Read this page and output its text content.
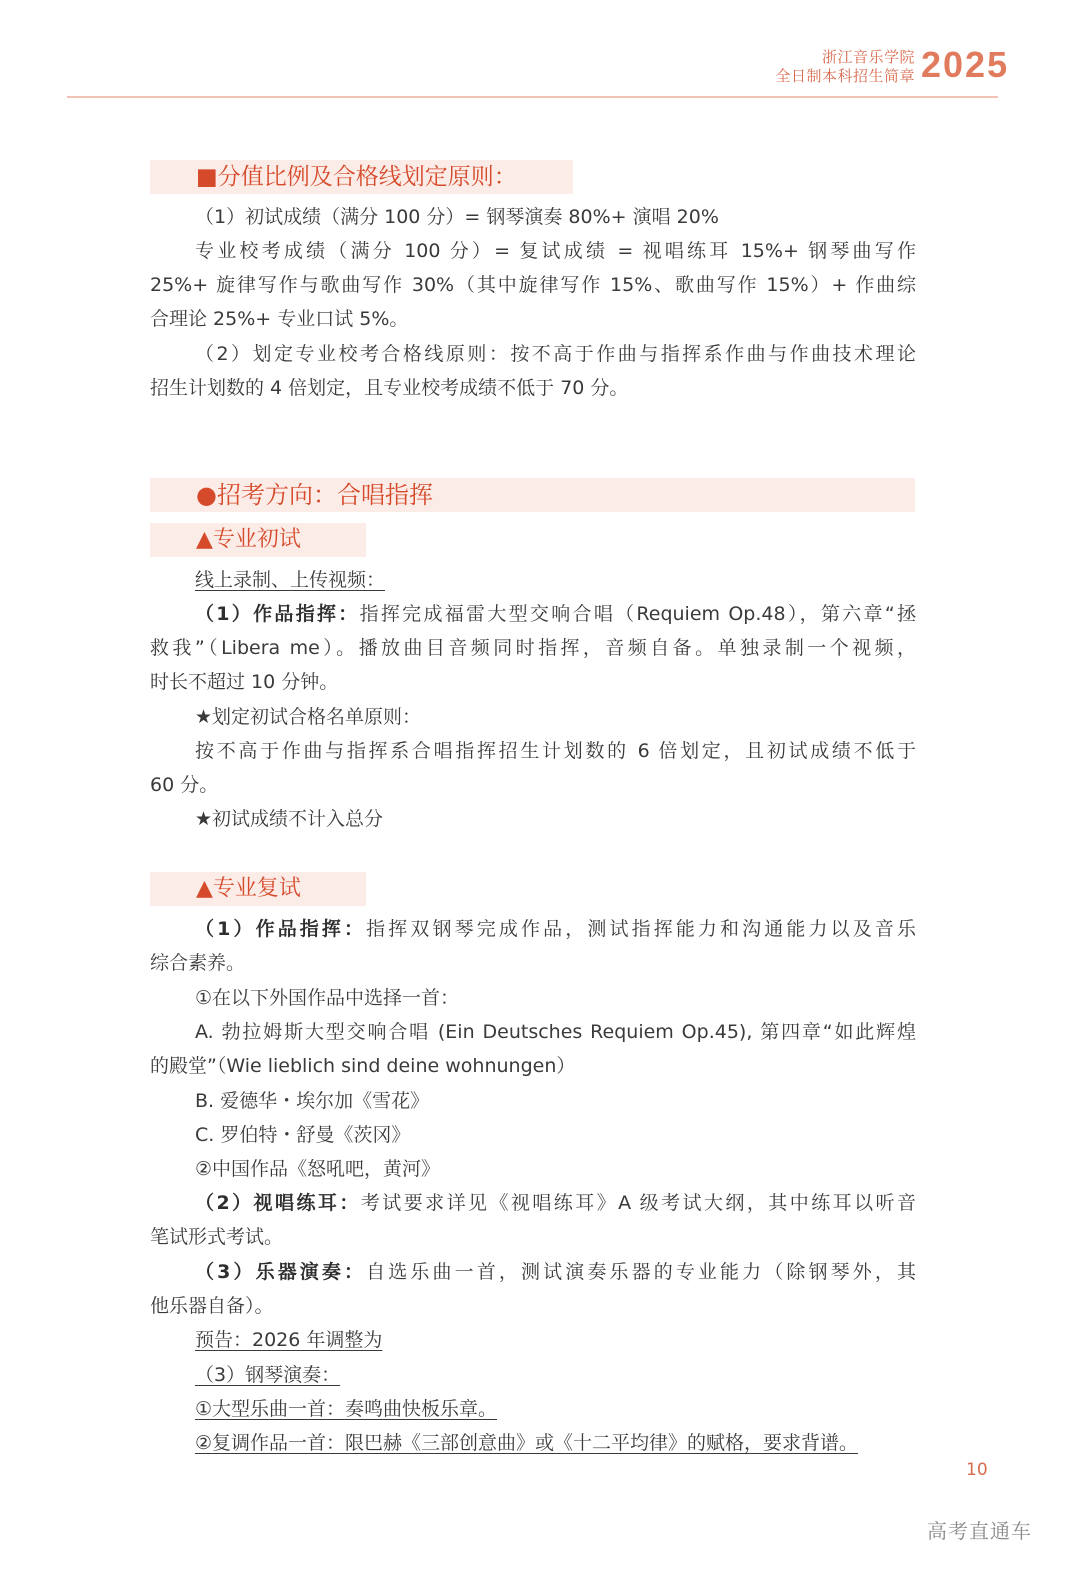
浙江音乐学院
全日制本科招生简章 2025
■分值比例及合格线划定原则：
（1）初试成绩（满分 100 分）= 钢琴演奏 80%+ 演唱 20%
专业校考成绩（满分 100 分）= 复试成绩 = 视唱练耳 15%+ 钢琴曲写作
25%+ 旋律写作与歌曲写作 30%（其中旋律写作 15%、歌曲写作 15%）+ 作曲综
合理论 25%+ 专业口试 5%。
（2）划定专业校考合格线原则：按不高于作曲与指挥系作曲与作曲技术理论
招生计划数的 4 倍划定，且专业校考成绩不低于 70 分。
●招考方向：合唱指挥
▲专业初试
线上录制、上传视频：
（1）作品指挥：指挥完成福雷大型交响合唱（Requiem Op.48），第六章“拯
救我”（Libera me）。播放曲目音频同时指挥，音频自备。单独录制一个视频，
时长不超过 10 分钟。
★划定初试合格名单原则：
按不高于作曲与指挥系合唱指挥招生计划数的 6 倍划定，且初试成绩不低于
60 分。
★初试成绩不计入总分
▲专业复试
（1）作品指挥：指挥双钢琴完成作品，测试指挥能力和沟通能力以及音乐
综合素养。
①在以下外国作品中选择一首：
A. 勃拉姆斯大型交响合唱 (Ein Deutsches Requiem Op.45), 第四章“如此辉煌
的殿堂”（Wie lieblich sind deine wohnungen）
B. 爱德华・埃尔加《雪花》
C. 罗伯特・舒曼《茨冈》
②中国作品《怒吼吧，黄河》
（2）视唱练耳：考试要求详见《视唱练耳》A 级考试大纲，其中练耳以听音
笔试形式考试。
（3）乐器演奏：自选乐曲一首，测试演奏乐器的专业能力（除钢琴外，其
他乐器自备）。
预告：2026 年调整为
（3）钢琴演奏：
①大型乐曲一首：奏鸣曲快板乐章。
②复调作品一首：限巴赫《三部创意曲》或《十二平均律》的赋格，要求背谱。
10
高考直通车
